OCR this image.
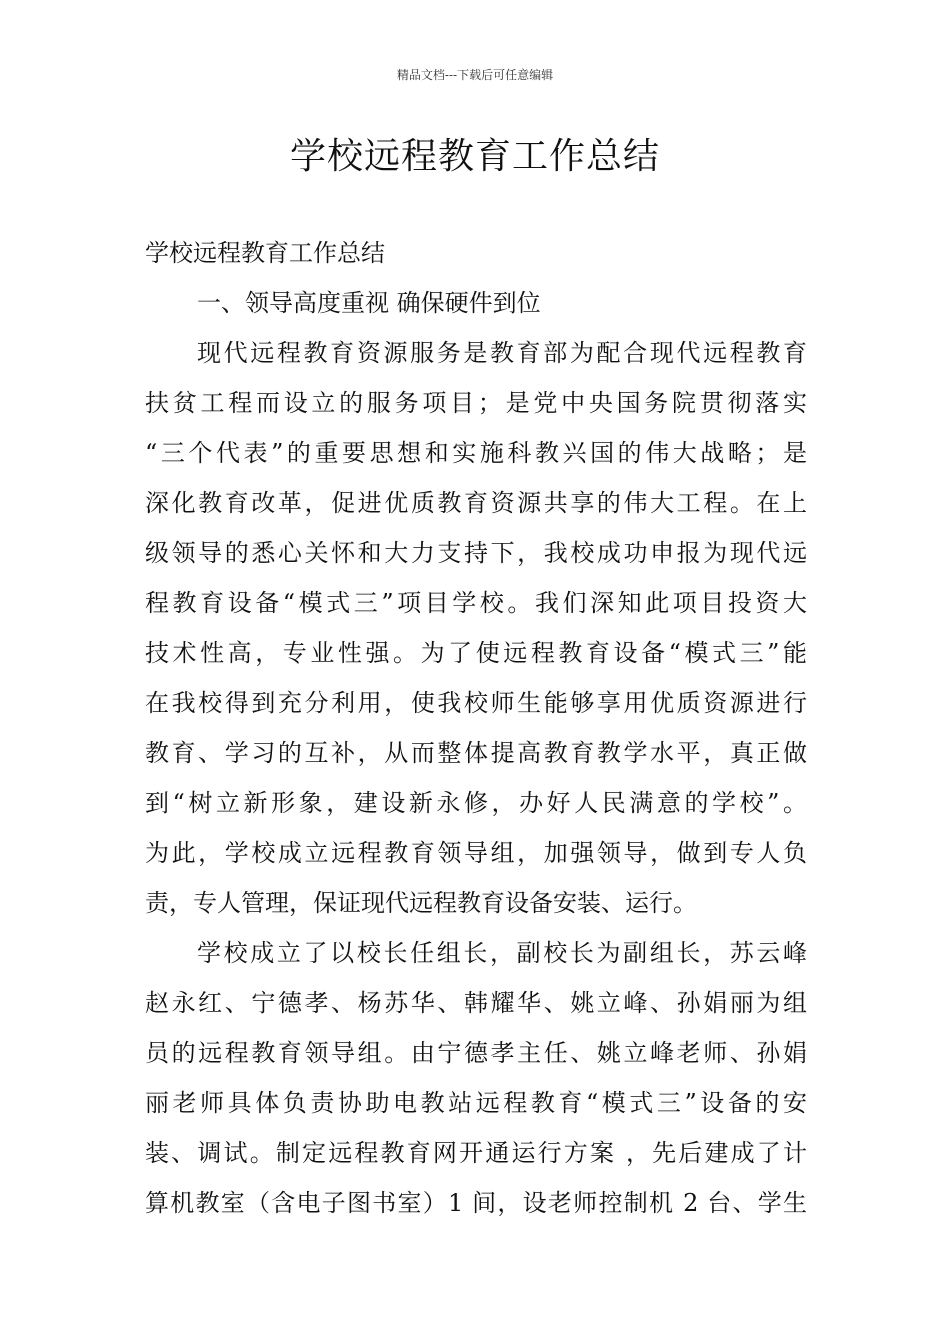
精品文档---下载后可任意编辑
学校远程教育工作总结
学校远程教育工作总结
一、领导高度重视 确保硬件到位
现代远程教育资源服务是教育部为配合现代远程教育
扶贫工程而设立的服务项目；是党中央国务院贯彻落实
“三个代表”的重要思想和实施科教兴国的伟大战略；是
深化教育改革，促进优质教育资源共享的伟大工程。在上
级领导的悉心关怀和大力支持下，我校成功申报为现代远
程教育设备“模式三”项目学校。我们深知此项目投资大
技术性高，专业性强。为了使远程教育设备“模式三”能
在我校得到充分利用，使我校师生能够享用优质资源进行
教育、学习的互补，从而整体提高教育教学水平，真正做
到“树立新形象，建设新永修，办好人民满意的学校”。
为此，学校成立远程教育领导组，加强领导，做到专人负
责，专人管理，保证现代远程教育设备安装、运行。
学校成立了以校长任组长，副校长为副组长，苏云峰
赵永红、宁德孝、杨苏华、韩耀华、姚立峰、孙娟丽为组
员的远程教育领导组。由宁德孝主任、姚立峰老师、孙娟
丽老师具体负责协助电教站远程教育“模式三”设备的安
装、调试。制定远程教育网开通运行方案 ，先后建成了计
算机教室（含电子图书室）1 间，设老师控制机 2 台、学生
